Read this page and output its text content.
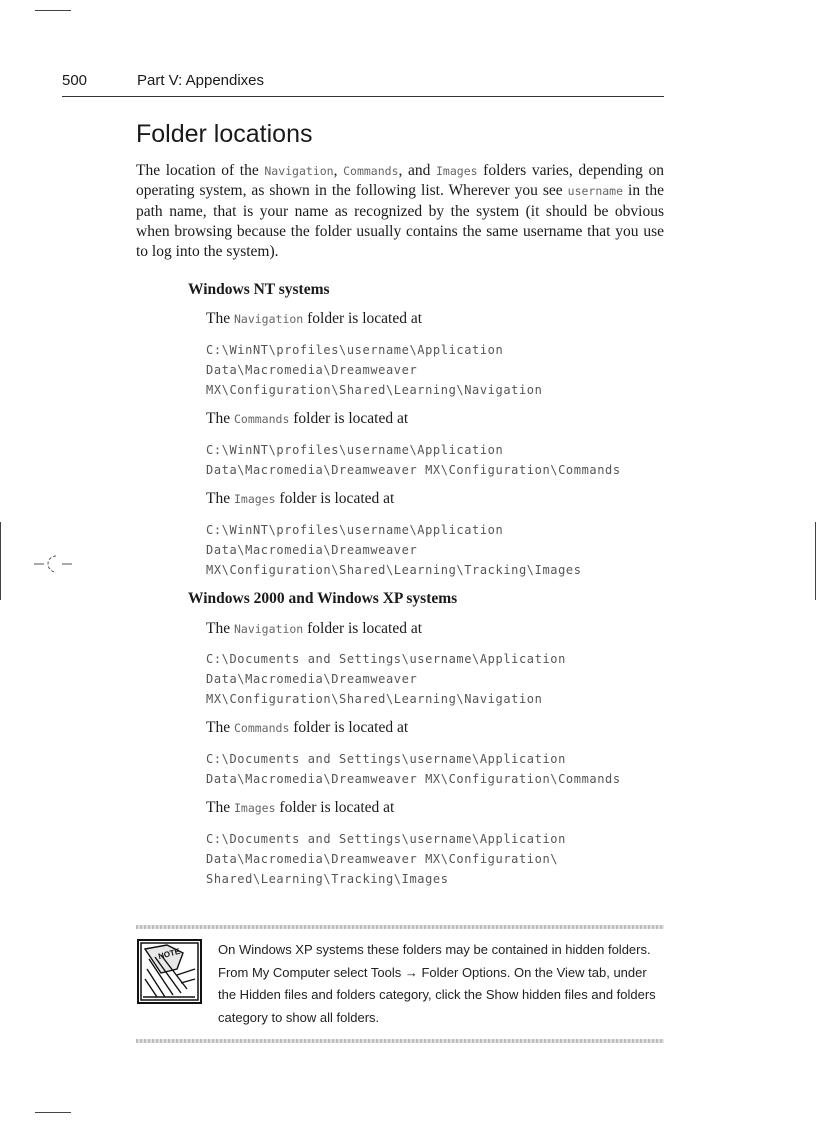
500	Part V: Appendixes
Folder locations
The location of the Navigation, Commands, and Images folders varies, depending on operating system, as shown in the following list. Wherever you see username in the path name, that is your name as recognized by the system (it should be obvious when browsing because the folder usually contains the same username that you use to log into the system).
Windows NT systems
The Navigation folder is located at
C:\WinNT\profiles\username\Application
Data\Macromedia\Dreamweaver
MX\Configuration\Shared\Learning\Navigation
The Commands folder is located at
C:\WinNT\profiles\username\Application
Data\Macromedia\Dreamweaver MX\Configuration\Commands
The Images folder is located at
C:\WinNT\profiles\username\Application
Data\Macromedia\Dreamweaver
MX\Configuration\Shared\Learning\Tracking\Images
Windows 2000 and Windows XP systems
The Navigation folder is located at
C:\Documents and Settings\username\Application
Data\Macromedia\Dreamweaver
MX\Configuration\Shared\Learning\Navigation
The Commands folder is located at
C:\Documents and Settings\username\Application
Data\Macromedia\Dreamweaver MX\Configuration\Commands
The Images folder is located at
C:\Documents and Settings\username\Application
Data\Macromedia\Dreamweaver MX\Configuration\
Shared\Learning\Tracking\Images
NOTE	On Windows XP systems these folders may be contained in hidden folders.
From My Computer select Tools → Folder Options. On the View tab, under
the Hidden files and folders category, click the Show hidden files and folders
category to show all folders.
